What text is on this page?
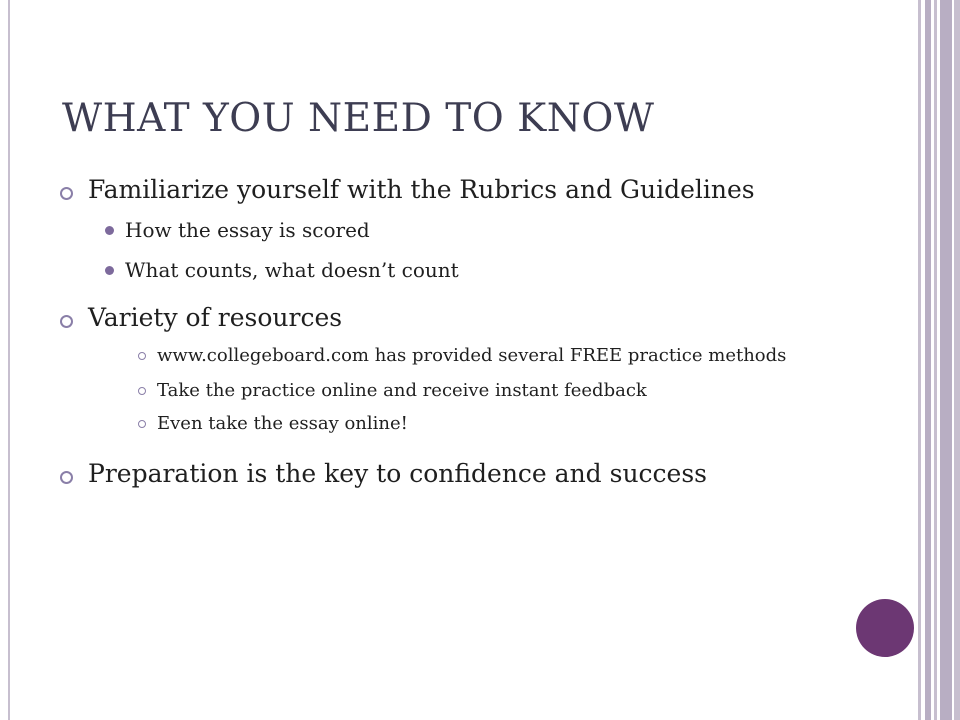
WHAT YOU NEED TO KNOW
Familiarize yourself with the Rubrics and Guidelines
How the essay is scored
What counts, what doesn’t count
Variety of resources
www.collegeboard.com has provided several FREE practice methods
Take the practice online and receive instant feedback
Even take the essay online!
Preparation is the key to confidence and success
